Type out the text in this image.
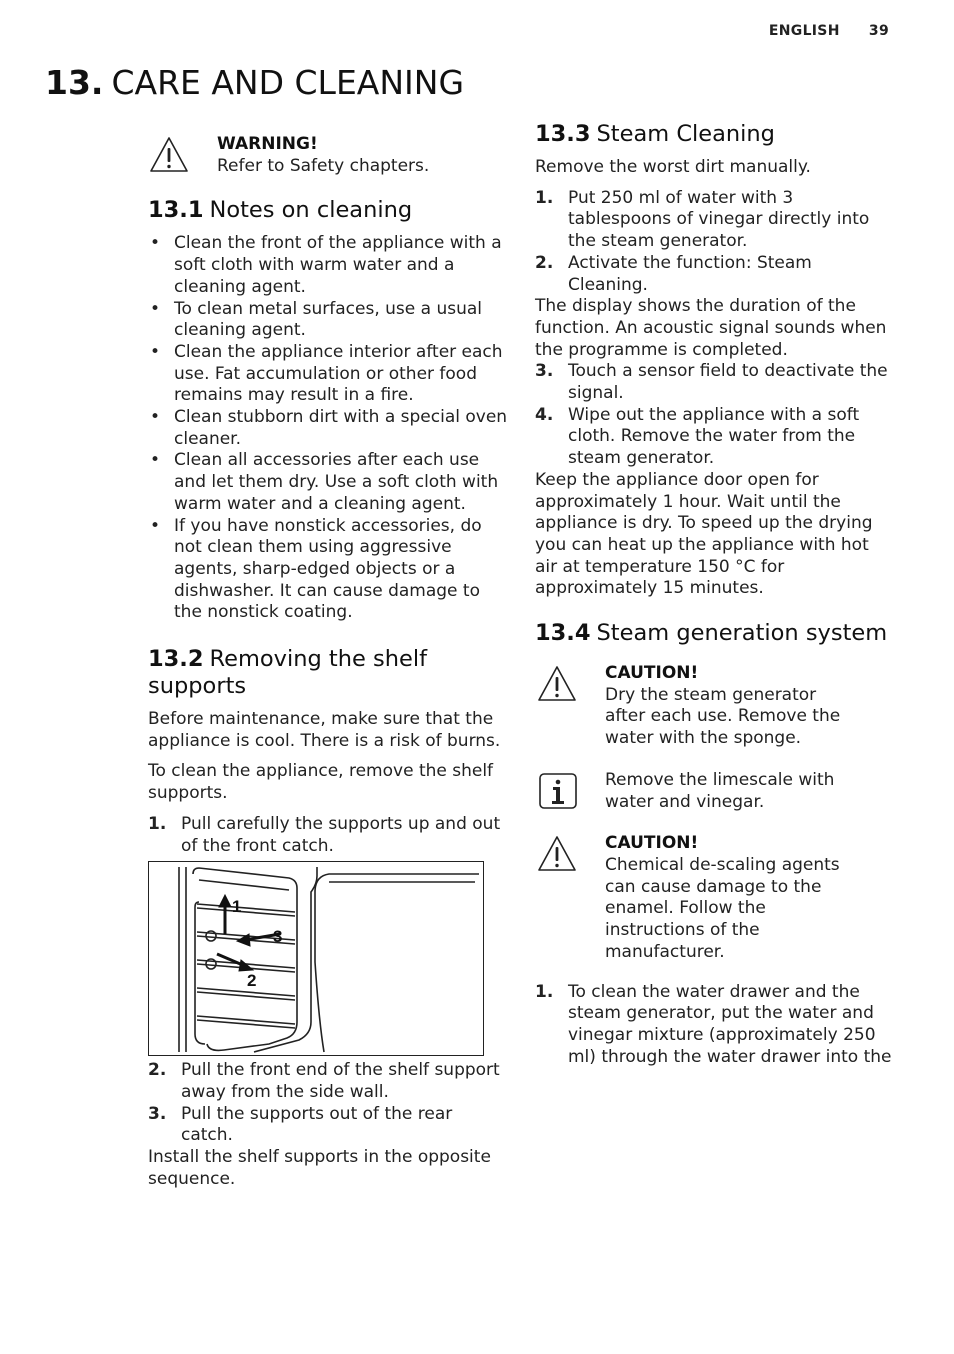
ENGLISH 39
13. CARE AND CLEANING
WARNING!
Refer to Safety chapters.
13.1 Notes on cleaning
• Clean the front of the appliance with a soft cloth with warm water and a cleaning agent.
• To clean metal surfaces, use a usual cleaning agent.
• Clean the appliance interior after each use. Fat accumulation or other food remains may result in a fire.
• Clean stubborn dirt with a special oven cleaner.
• Clean all accessories after each use and let them dry. Use a soft cloth with warm water and a cleaning agent.
• If you have nonstick accessories, do not clean them using aggressive agents, sharp-edged objects or a dishwasher. It can cause damage to the nonstick coating.
13.2 Removing the shelf
supports

Before maintenance, make sure that the appliance is cool. There is a risk of burns.

To clean the appliance, remove the shelf supports.

1. Pull carefully the supports up and out of the front catch.
1
3
2
2. Pull the front end of the shelf support away from the side wall.
3. Pull the supports out of the rear catch.

Install the shelf supports in the opposite sequence.

13.3 Steam Cleaning

Remove the worst dirt manually.

1. Put 250 ml of water with 3 tablespoons of vinegar directly into the steam generator.
2. Activate the function: Steam Cleaning.

The display shows the duration of the function. An acoustic signal sounds when the programme is completed.

3. Touch a sensor field to deactivate the signal.
4. Wipe out the appliance with a soft cloth. Remove the water from the steam generator.

Keep the appliance door open for approximately 1 hour. Wait until the appliance is dry. To speed up the drying you can heat up the appliance with hot air at temperature 150 °C for approximately 15 minutes.

13.4 Steam generation system
CAUTION!
Dry the steam generator after each use. Remove the water with the sponge.
Remove the limescale with water and vinegar.
CAUTION!
Chemical de-scaling agents can cause damage to the enamel. Follow the instructions of the manufacturer.
1. To clean the water drawer and the steam generator, put the water and vinegar mixture (approximately 250 ml) through the water drawer into the
